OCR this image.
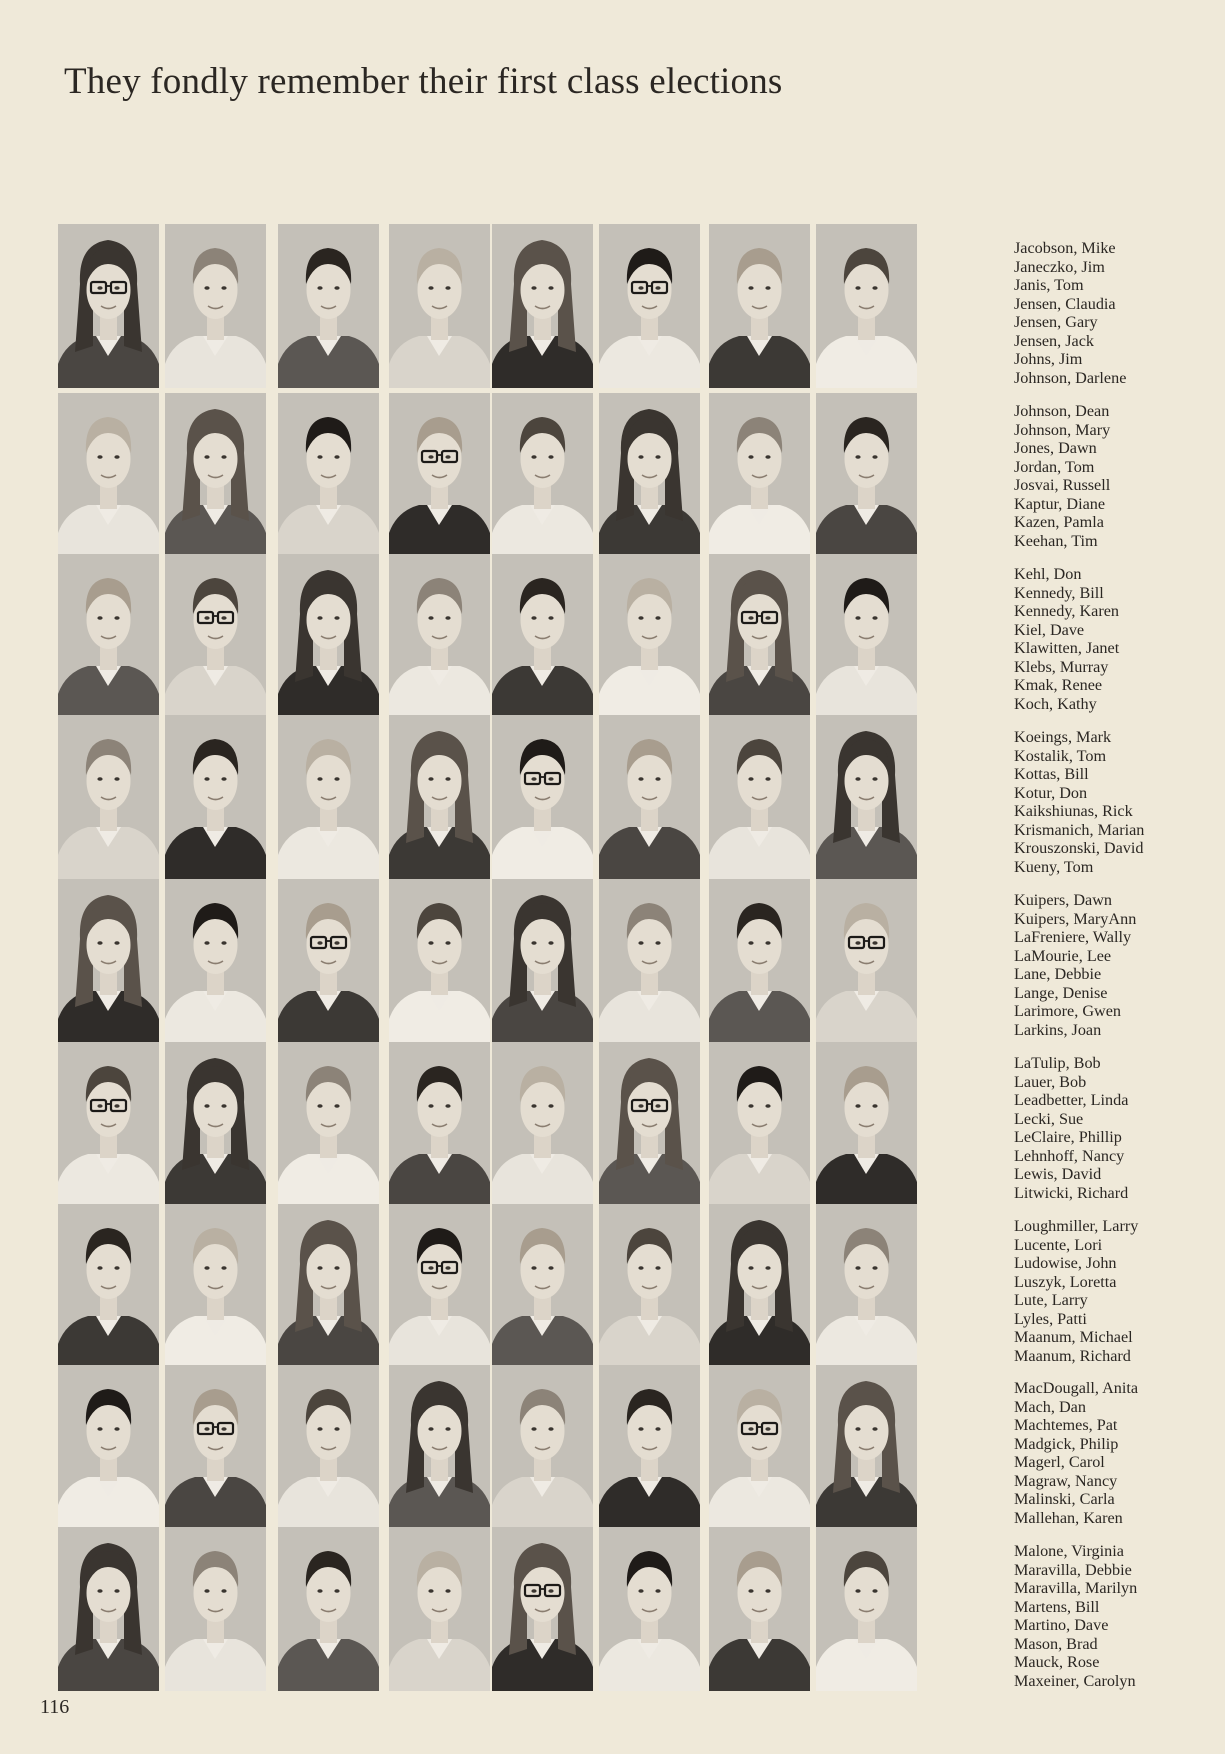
They fondly remember their first class elections
Jacobson, Mike
Janeczko, Jim
Janis, Tom
Jensen, Claudia
Jensen, Gary
Jensen, Jack
Johns, Jim
Johnson, Darlene
Johnson, Dean
Johnson, Mary
Jones, Dawn
Jordan, Tom
Josvai, Russell
Kaptur, Diane
Kazen, Pamla
Keehan, Tim
Kehl, Don
Kennedy, Bill
Kennedy, Karen
Kiel, Dave
Klawitten, Janet
Klebs, Murray
Kmak, Renee
Koch, Kathy
Koeings, Mark
Kostalik, Tom
Kottas, Bill
Kotur, Don
Kaikshiunas, Rick
Krismanich, Marian
Krouszonski, David
Kueny, Tom
Kuipers, Dawn
Kuipers, MaryAnn
LaFreniere, Wally
LaMourie, Lee
Lane, Debbie
Lange, Denise
Larimore, Gwen
Larkins, Joan
LaTulip, Bob
Lauer, Bob
Leadbetter, Linda
Lecki, Sue
LeClaire, Phillip
Lehnhoff, Nancy
Lewis, David
Litwicki, Richard
Loughmiller, Larry
Lucente, Lori
Ludowise, John
Luszyk, Loretta
Lute, Larry
Lyles, Patti
Maanum, Michael
Maanum, Richard
MacDougall, Anita
Mach, Dan
Machtemes, Pat
Madgick, Philip
Magerl, Carol
Magraw, Nancy
Malinski, Carla
Mallehan, Karen
Malone, Virginia
Maravilla, Debbie
Maravilla, Marilyn
Martens, Bill
Martino, Dave
Mason, Brad
Mauck, Rose
Maxeiner, Carolyn
116
